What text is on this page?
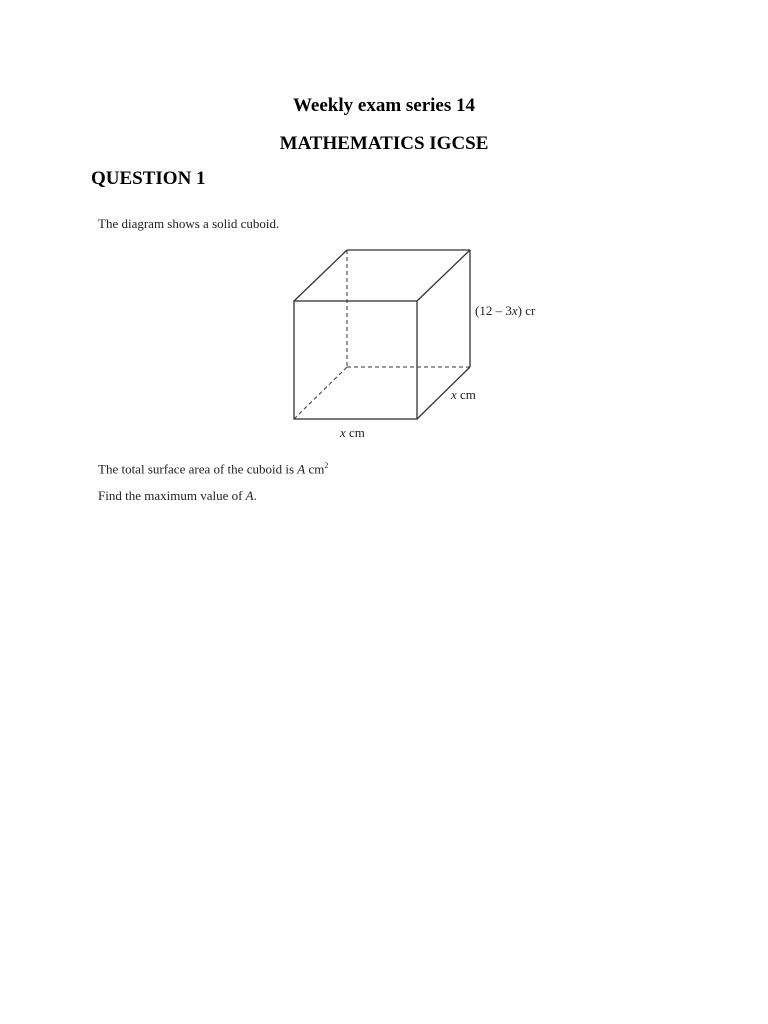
Weekly exam series 14
MATHEMATICS IGCSE
QUESTION 1
The diagram shows a solid cuboid.
(12 – 3x) cr
x cm
x cm
The total surface area of the cuboid is A $cm^2$
Find the maximum value of A.
